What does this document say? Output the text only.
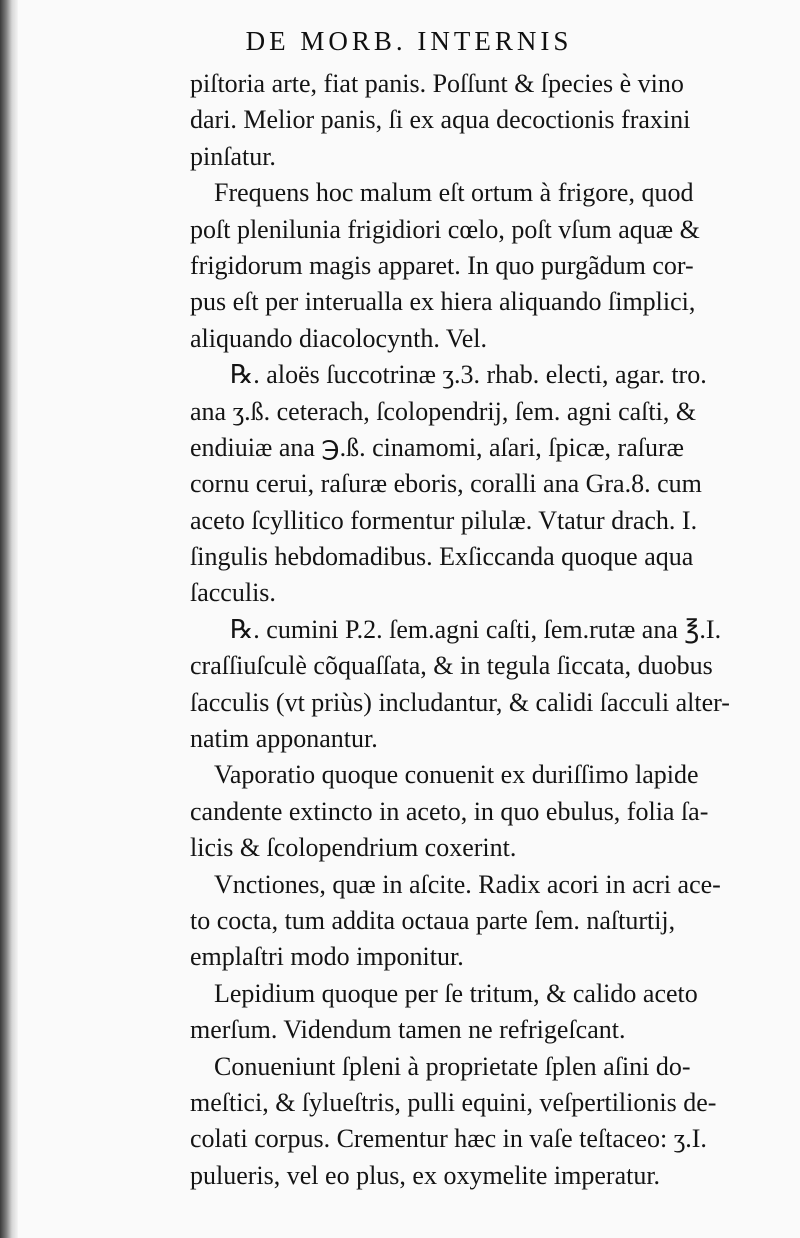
DE MORB. INTERNIS
piſtoria arte, fiat panis. Poſſunt & ſpecies è vino
dari. Melior panis, ſi ex aqua decoctionis fraxini
pinſatur.
Frequens hoc malum eſt ortum à frigore, quod
poſt plenilunia frigidiori cœlo, poſt vſum aquæ &
frigidorum magis apparet. In quo purgãdum cor-
pus eſt per interualla ex hiera aliquando ſimplici,
aliquando diacolocynth. Vel.
℞. aloës ſuccotrinæ ʒ.3. rhab. electi, agar. tro.
ana ʒ.ß. ceterach, ſcolopendrij, ſem. agni caſti, &
endiuiæ ana ℈.ß. cinamomi, aſari, ſpicæ, raſuræ
cornu cerui, raſuræ eboris, coralli ana Gra.8. cum
aceto ſcyllitico formentur pilulæ. Vtatur drach. I.
ſingulis hebdomadibus. Exſiccanda quoque aqua
ſacculis.
℞. cumini P.2. ſem.agni caſti, ſem.rutæ ana ℥.I.
craſſiuſculè cõquaſſata, & in tegula ſiccata, duobus
ſacculis (vt priùs) includantur, & calidi ſacculi alter-
natim apponantur.
Vaporatio quoque conuenit ex duriſſimo lapide
candente extincto in aceto, in quo ebulus, folia ſa-
licis & ſcolopendrium coxerint.
Vnctiones, quæ in aſcite. Radix acori in acri ace-
to cocta, tum addita octaua parte ſem. naſturtij,
emplaſtri modo imponitur.
Lepidium quoque per ſe tritum, & calido aceto
merſum. Videndum tamen ne refrigeſcant.
Conueniunt ſpleni à proprietate ſplen aſini do-
meſtici, & ſylueſtris, pulli equini, veſpertilionis de-
colati corpus. Crementur hæc in vaſe teſtaceo: ʒ.I.
pulueris, vel eo plus, ex oxymelite imperatur.
